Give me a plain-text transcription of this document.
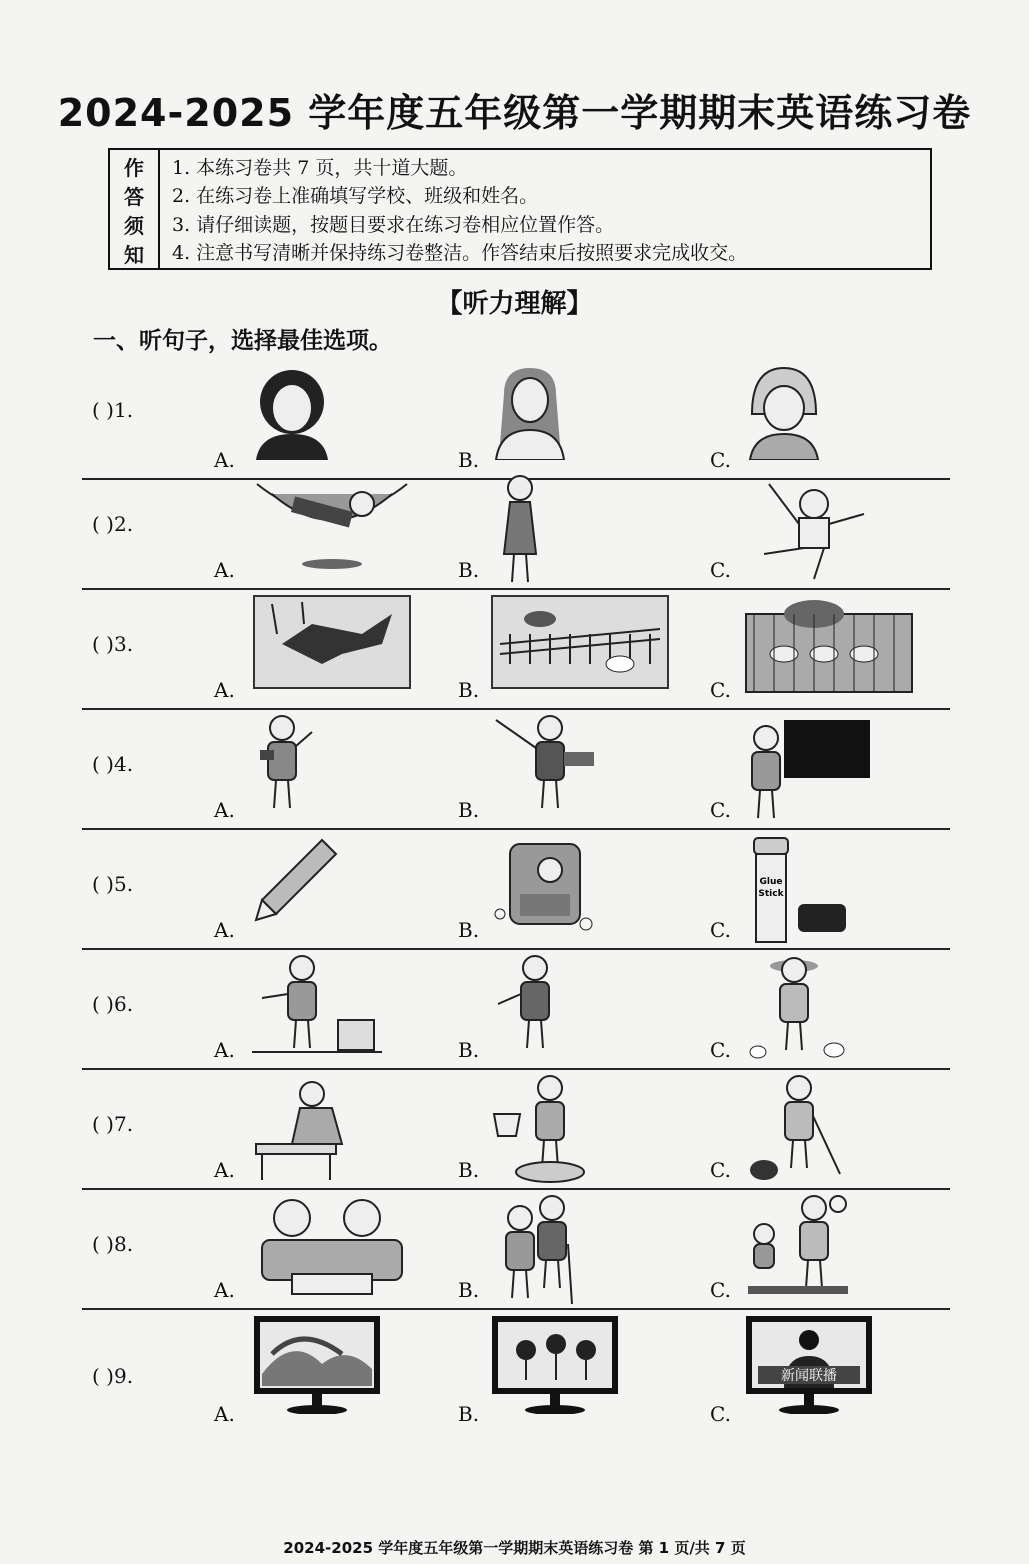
2024-2025 学年度五年级第一学期期末英语练习卷
作
答
须
知
1. 本练习卷共 7 页，共十道大题。
2. 在练习卷上准确填写学校、班级和姓名。
3. 请仔细读题，按题目要求在练习卷相应位置作答。
4. 注意书写清晰并保持练习卷整洁。作答结束后按照要求完成收交。
【听力理解】
一、听句子，选择最佳选项。
( )1.
A.	B.	C.
( )2.
A.	B.	C.
( )3.
A.	B.	C.
( )4.
A.	B.	C.
( )5.
A.	B.
Glue
Stick
C.
( )6.
A.	B.	C.
( )7.
A.	B.	C.
( )8.
A.	B.	C.
( )9.
A.	B.
新闻联播
C.
2024-2025 学年度五年级第一学期期末英语练习卷 第 1 页/共 7 页
